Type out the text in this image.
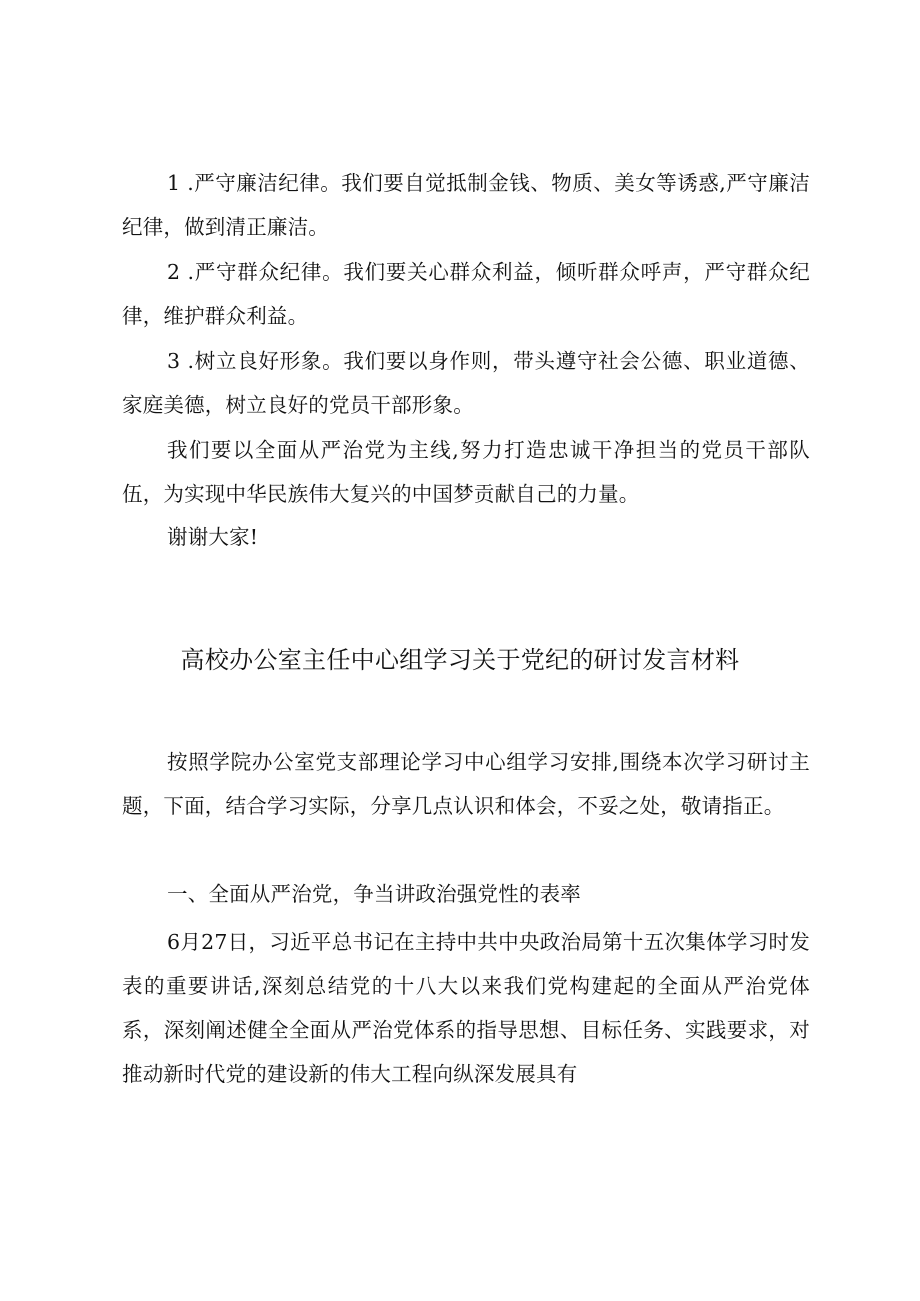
1 .严守廉洁纪律。我们要自觉抵制金钱、物质、美女等诱惑,严守廉洁纪律，做到清正廉洁。

2 .严守群众纪律。我们要关心群众利益，倾听群众呼声，严守群众纪律，维护群众利益。

3 .树立良好形象。我们要以身作则，带头遵守社会公德、职业道德、家庭美德，树立良好的党员干部形象。

我们要以全面从严治党为主线,努力打造忠诚干净担当的党员干部队伍，为实现中华民族伟大复兴的中国梦贡献自己的力量。

谢谢大家!

高校办公室主任中心组学习关于党纪的研讨发言材料

按照学院办公室党支部理论学习中心组学习安排,围绕本次学习研讨主题，下面，结合学习实际，分享几点认识和体会，不妥之处，敬请指正。

一、全面从严治党，争当讲政治强党性的表率

6月27日，习近平总书记在主持中共中央政治局第十五次集体学习时发表的重要讲话,深刻总结党的十八大以来我们党构建起的全面从严治党体系，深刻阐述健全全面从严治党体系的指导思想、目标任务、实践要求，对推动新时代党的建设新的伟大工程向纵深发展具有
